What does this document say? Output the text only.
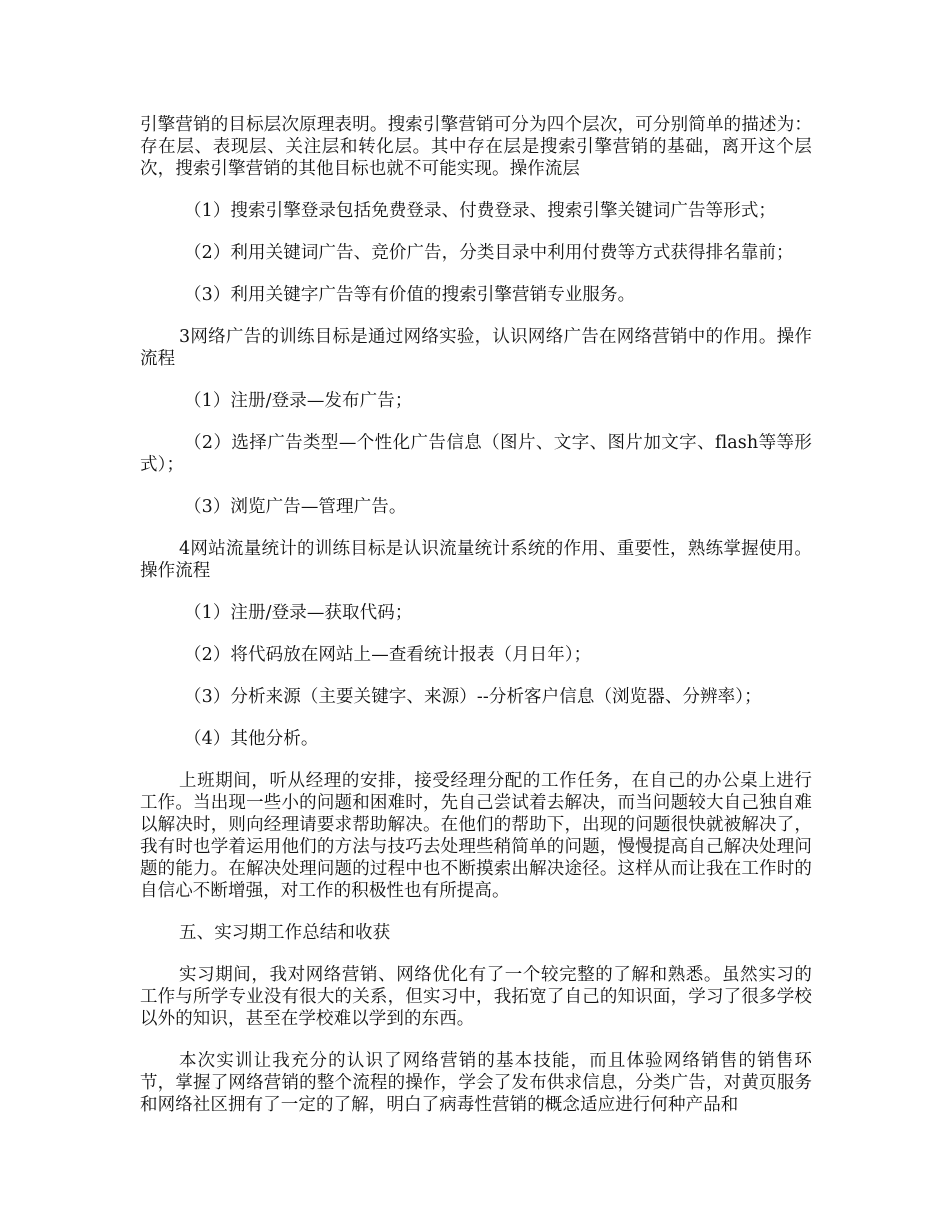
引擎营销的目标层次原理表明。搜索引擎营销可分为四个层次，可分别简单的描述为：存在层、表现层、关注层和转化层。其中存在层是搜索引擎营销的基础，离开这个层次，搜索引擎营销的其他目标也就不可能实现。操作流层

（1）搜索引擎登录包括免费登录、付费登录、搜索引擎关键词广告等形式；

（2）利用关键词广告、竞价广告，分类目录中利用付费等方式获得排名靠前；

（3）利用关键字广告等有价值的搜索引擎营销专业服务。

3网络广告的训练目标是通过网络实验，认识网络广告在网络营销中的作用。操作流程

（1）注册/登录—发布广告；

（2）选择广告类型—个性化广告信息（图片、文字、图片加文字、flash等等形式）；

（3）浏览广告—管理广告。

4网站流量统计的训练目标是认识流量统计系统的作用、重要性，熟练掌握使用。操作流程

（1）注册/登录—获取代码；

（2）将代码放在网站上—查看统计报表（月日年）；

（3）分析来源（主要关键字、来源）--分析客户信息（浏览器、分辨率）；

（4）其他分析。

上班期间，听从经理的安排，接受经理分配的工作任务，在自己的办公桌上进行工作。当出现一些小的问题和困难时，先自己尝试着去解决，而当问题较大自己独自难以解决时，则向经理请要求帮助解决。在他们的帮助下，出现的问题很快就被解决了，我有时也学着运用他们的方法与技巧去处理些稍简单的问题，慢慢提高自己解决处理问题的能力。在解决处理问题的过程中也不断摸索出解决途径。这样从而让我在工作时的自信心不断增强，对工作的积极性也有所提高。

五、实习期工作总结和收获

实习期间，我对网络营销、网络优化有了一个较完整的了解和熟悉。虽然实习的工作与所学专业没有很大的关系，但实习中，我拓宽了自己的知识面，学习了很多学校以外的知识，甚至在学校难以学到的东西。

本次实训让我充分的认识了网络营销的基本技能，而且体验网络销售的销售环节，掌握了网络营销的整个流程的操作，学会了发布供求信息，分类广告，对黄页服务和网络社区拥有了一定的了解，明白了病毒性营销的概念适应进行何种产品和
